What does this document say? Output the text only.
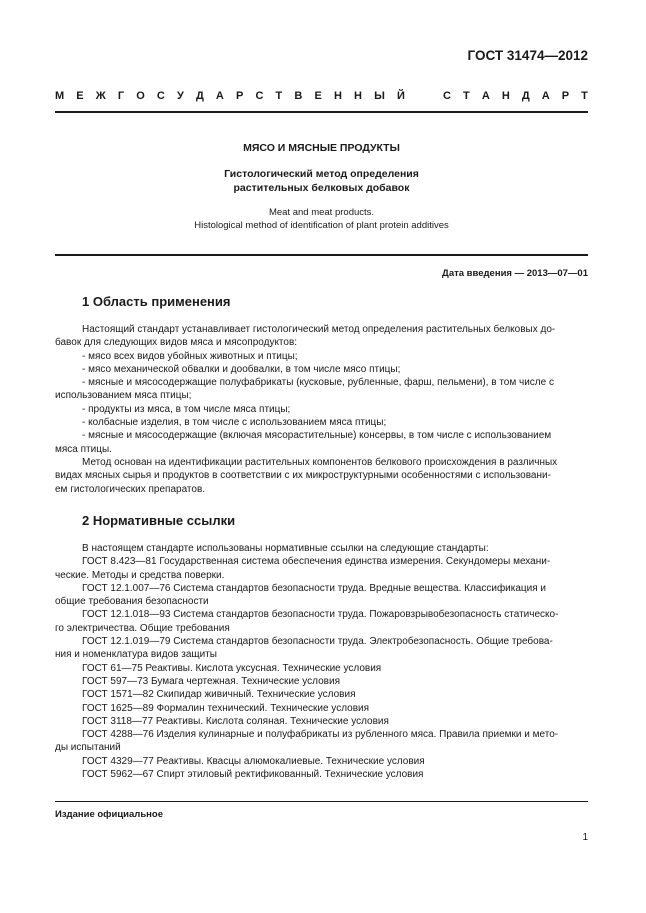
ГОСТ 31474—2012
М Е Ж Г О С У Д А Р С Т В Е Н Н Ы Й	С Т А Н Д А Р Т
МЯСО И МЯСНЫЕ ПРОДУКТЫ
Гистологический метод определения
растительных белковых добавок
Meat and meat products.
Histological method of identification of plant protein additives
Дата введения — 2013—07—01
1 Область применения
Настоящий стандарт устанавливает гистологический метод определения растительных белковых до-
бавок для следующих видов мяса и мясопродуктов:
- мясо всех видов убойных животных и птицы;
- мясо механической обвалки и дообвалки, в том числе мясо птицы;
- мясные и мясосодержащие полуфабрикаты (кусковые, рубленные, фарш, пельмени), в том числе с
использованием мяса птицы;
- продукты из мяса, в том числе мяса птицы;
- колбасные изделия, в том числе с использованием мяса птицы;
- мясные и мясосодержащие (включая мясорастительные) консервы, в том числе с использованием
мяса птицы.
Метод основан на идентификации растительных компонентов белкового происхождения в различных
видах мясных сырья и продуктов в соответствии с их микроструктурными особенностями с использовани-
ем гистологических препаратов.
2 Нормативные ссылки
В настоящем стандарте использованы нормативные ссылки на следующие стандарты:
ГОСТ 8.423—81 Государственная система обеспечения единства измерения. Секундомеры механи-
ческие. Методы и средства поверки.
ГОСТ 12.1.007—76 Система стандартов безопасности труда. Вредные вещества. Классификация и
общие требования безопасности
ГОСТ 12.1.018—93 Система стандартов безопасности труда. Пожаровзрывобезопасность статическо-
го электричества. Общие требования
ГОСТ 12.1.019—79 Система стандартов безопасности труда. Электробезопасность. Общие требова-
ния и номенклатура видов защиты
ГОСТ 61—75 Реактивы. Кислота уксусная. Технические условия
ГОСТ 597—73 Бумага чертежная. Технические условия
ГОСТ 1571—82 Скипидар живичный. Технические условия
ГОСТ 1625—89 Формалин технический. Технические условия
ГОСТ 3118—77 Реактивы. Кислота соляная. Технические условия
ГОСТ 4288—76 Изделия кулинарные и полуфабрикаты из рубленного мяса. Правила приемки и мето-
ды испытаний
ГОСТ 4329—77 Реактивы. Квасцы алюмокалиевые. Технические условия
ГОСТ 5962—67 Спирт этиловый ректификованный. Технические условия
Издание официальное
1
